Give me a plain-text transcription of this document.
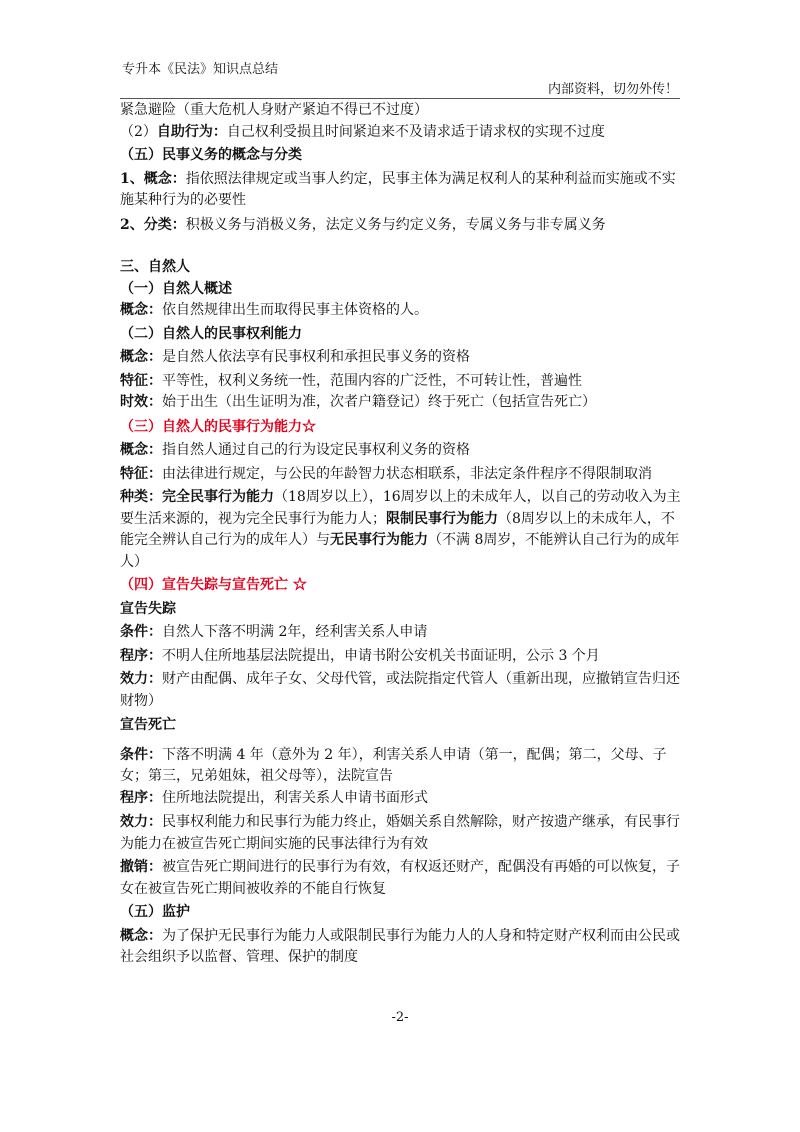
专升本《民法》知识点总结
内部资料，切勿外传！

紧急避险（重大危机人身财产紧迫不得已不过度）

（2）自助行为：自己权利受损且时间紧迫来不及请求适于请求权的实现不过度

（五）民事义务的概念与分类

1、概念：指依照法律规定或当事人约定，民事主体为满足权利人的某种利益而实施或不实施某种行为的必要性

2、分类：积极义务与消极义务，法定义务与约定义务，专属义务与非专属义务

三、自然人

（一）自然人概述

概念：依自然规律出生而取得民事主体资格的人。

（二）自然人的民事权利能力

概念：是自然人依法享有民事权利和承担民事义务的资格

特征：平等性，权利义务统一性，范围内容的广泛性，不可转让性，普遍性

时效：始于出生（出生证明为准，次者户籍登记）终于死亡（包括宣告死亡）

（三）自然人的民事行为能力☆

概念：指自然人通过自己的行为设定民事权利义务的资格

特征：由法律进行规定，与公民的年龄智力状态相联系，非法定条件程序不得限制取消

种类：完全民事行为能力（18周岁以上），16周岁以上的未成年人，以自己的劳动收入为主要生活来源的，视为完全民事行为能力人；限制民事行为能力（8周岁以上的未成年人，不能完全辨认自己行为的成年人）与无民事行为能力（不满 8周岁，不能辨认自己行为的成年人）

（四）宣告失踪与宣告死亡 ☆

宣告失踪

条件：自然人下落不明满 2年，经利害关系人申请

程序：不明人住所地基层法院提出，申请书附公安机关书面证明，公示 3 个月

效力：财产由配偶、成年子女、父母代管，或法院指定代管人（重新出现，应撤销宣告归还财物）

宣告死亡

条件：下落不明满 4 年（意外为 2 年），利害关系人申请（第一，配偶；第二，父母、子女；第三，兄弟姐妹，祖父母等），法院宣告

程序：住所地法院提出，利害关系人申请书面形式

效力：民事权利能力和民事行为能力终止，婚姻关系自然解除，财产按遗产继承，有民事行为能力在被宣告死亡期间实施的民事法律行为有效

撤销：被宣告死亡期间进行的民事行为有效，有权返还财产，配偶没有再婚的可以恢复，子女在被宣告死亡期间被收养的不能自行恢复

（五）监护

概念：为了保护无民事行为能力人或限制民事行为能力人的人身和特定财产权利而由公民或社会组织予以监督、管理、保护的制度

-2-
